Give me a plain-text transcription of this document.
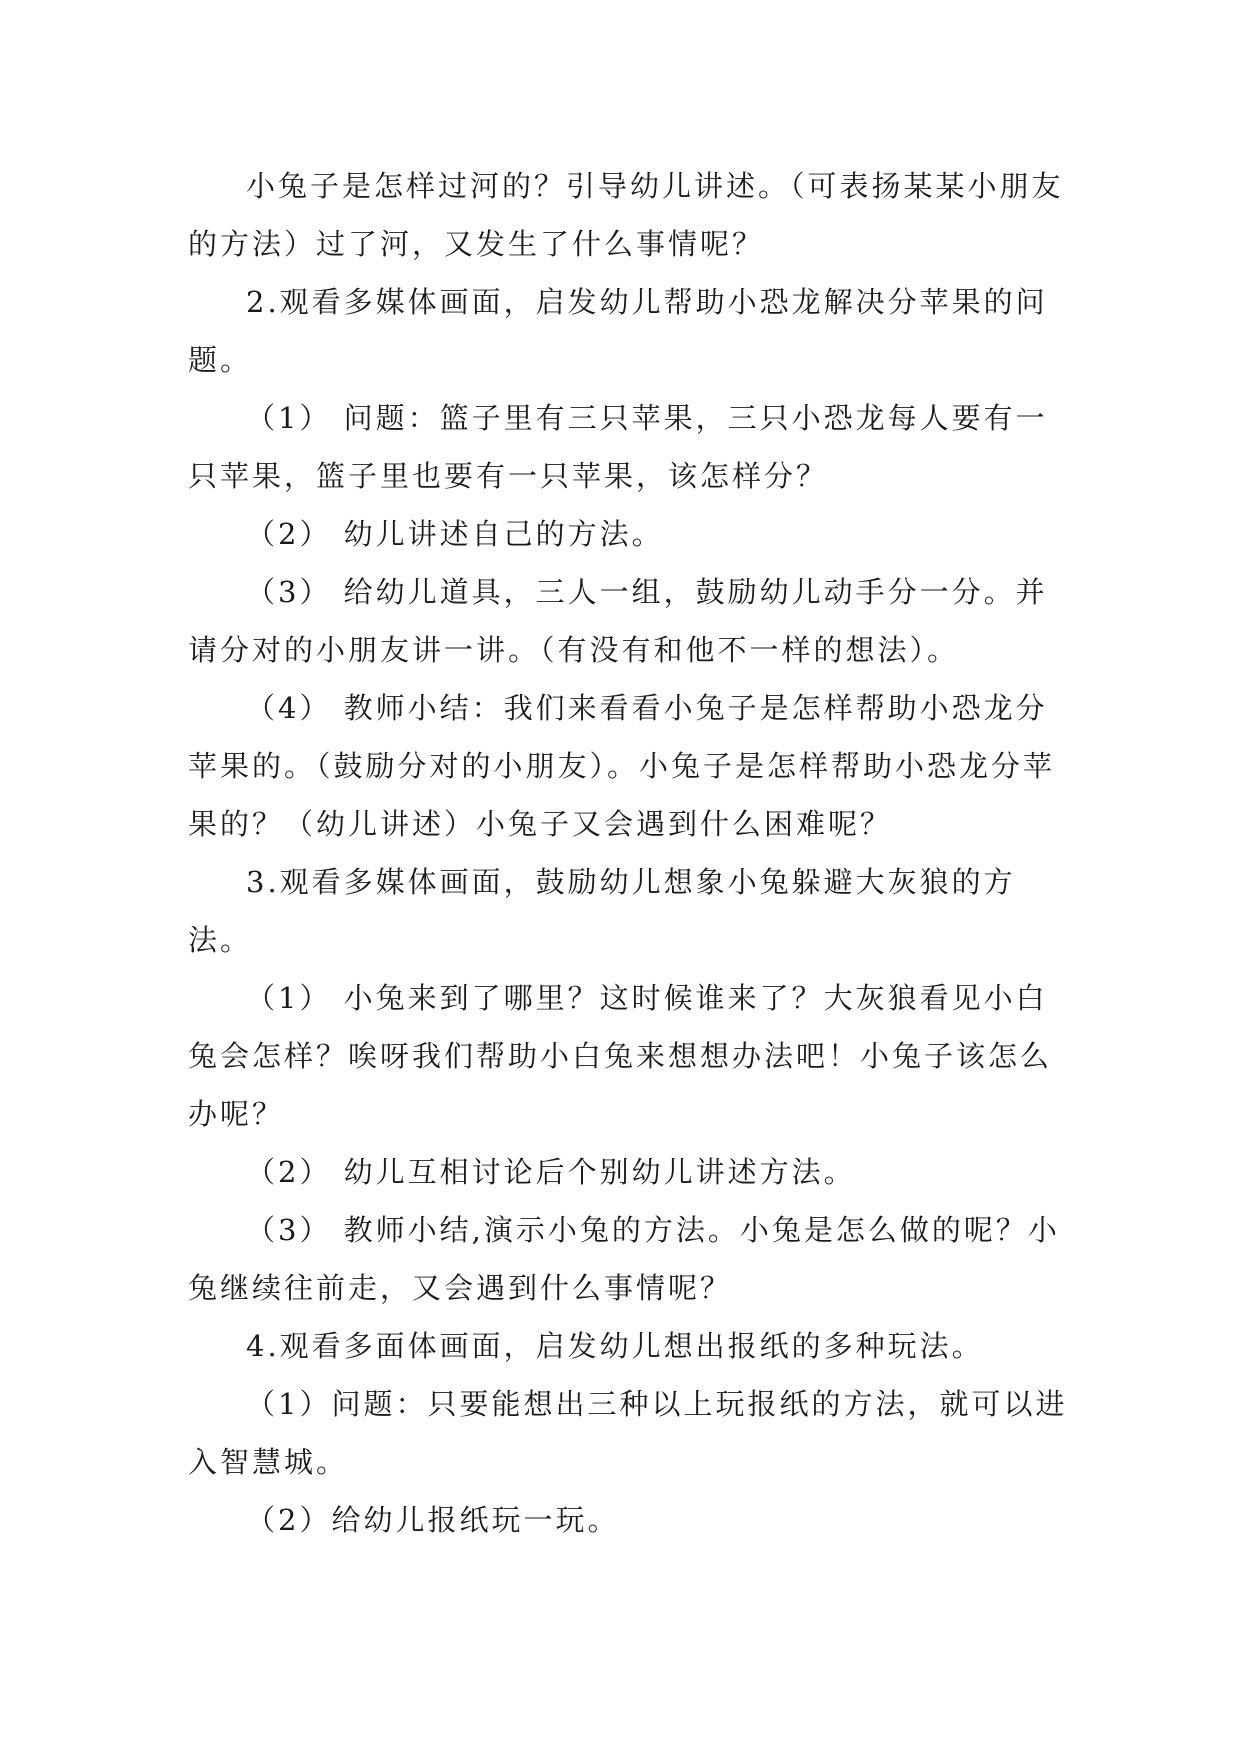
小兔子是怎样过河的？引导幼儿讲述。（可表扬某某小朋友的方法）过了河，又发生了什么事情呢？

2.观看多媒体画面，启发幼儿帮助小恐龙解决分苹果的问题。

（1） 问题：篮子里有三只苹果，三只小恐龙每人要有一只苹果，篮子里也要有一只苹果，该怎样分？

（2） 幼儿讲述自己的方法。

（3） 给幼儿道具，三人一组，鼓励幼儿动手分一分。并请分对的小朋友讲一讲。（有没有和他不一样的想法）。

（4） 教师小结：我们来看看小兔子是怎样帮助小恐龙分苹果的。（鼓励分对的小朋友）。小兔子是怎样帮助小恐龙分苹果的？（幼儿讲述）小兔子又会遇到什么困难呢？

3.观看多媒体画面，鼓励幼儿想象小兔躲避大灰狼的方法。

（1） 小兔来到了哪里？这时候谁来了？大灰狼看见小白兔会怎样？唉呀我们帮助小白兔来想想办法吧！小兔子该怎么办呢？

（2） 幼儿互相讨论后个别幼儿讲述方法。

（3） 教师小结,演示小兔的方法。小兔是怎么做的呢？小兔继续往前走，又会遇到什么事情呢？

4.观看多面体画面，启发幼儿想出报纸的多种玩法。

（1）问题：只要能想出三种以上玩报纸的方法，就可以进入智慧城。

（2）给幼儿报纸玩一玩。
